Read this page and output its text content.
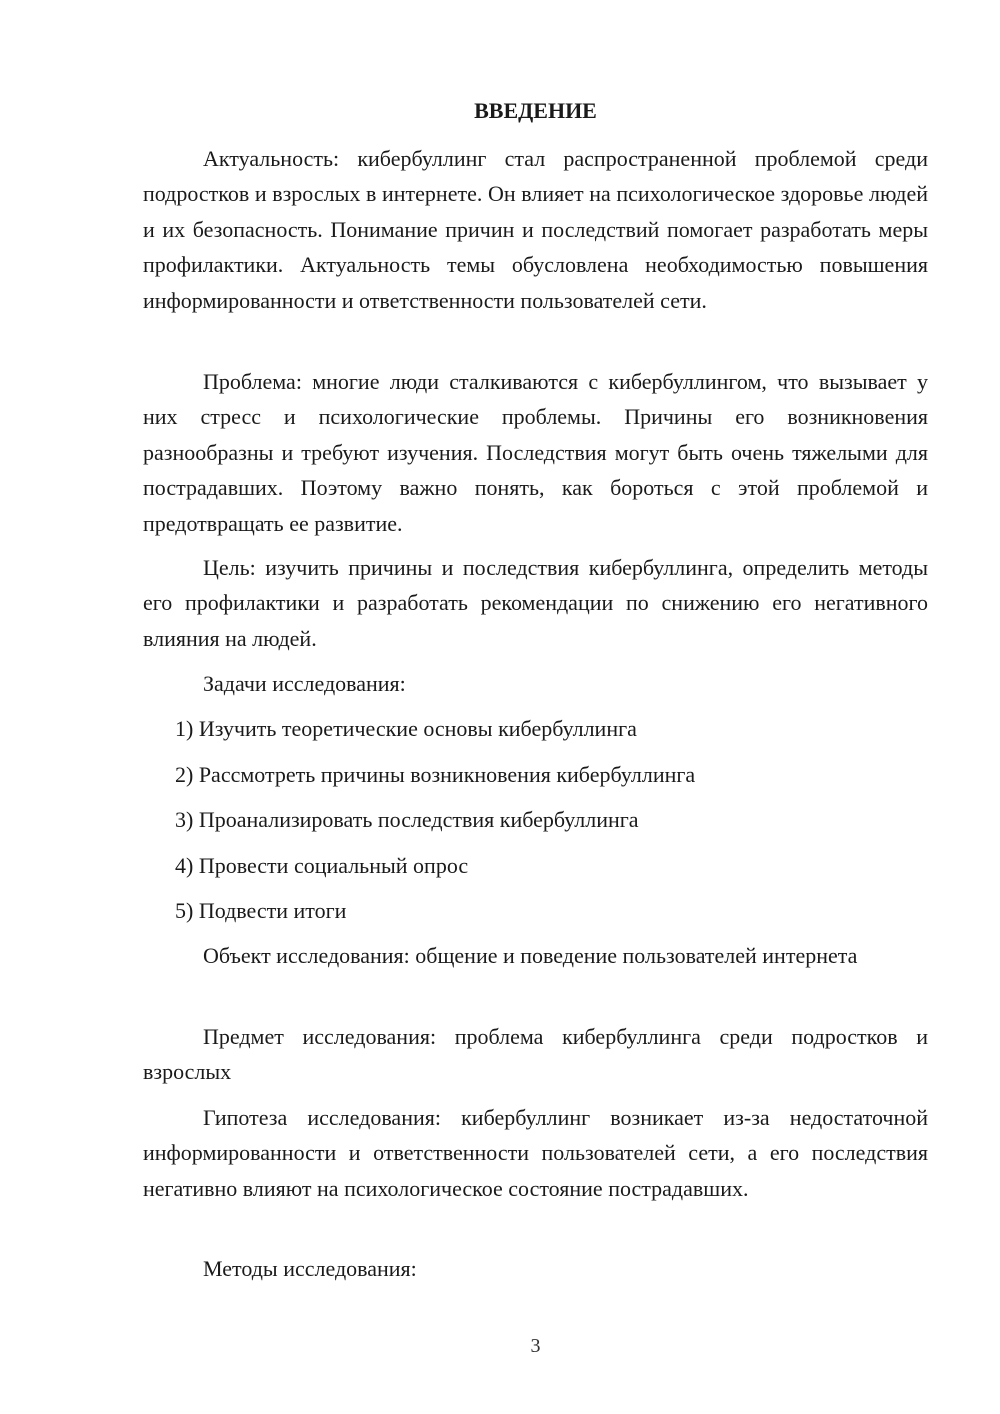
ВВЕДЕНИЕ

Актуальность: кибербуллинг стал распространенной проблемой среди подростков и взрослых в интернете. Он влияет на психологическое здоровье людей и их безопасность. Понимание причин и последствий помогает разработать меры профилактики. Актуальность темы обусловлена необходимостью повышения информированности и ответственности пользователей сети.

Проблема: многие люди сталкиваются с кибербуллингом, что вызывает у них стресс и психологические проблемы. Причины его возникновения разнообразны и требуют изучения. Последствия могут быть очень тяжелыми для пострадавших. Поэтому важно понять, как бороться с этой проблемой и предотвращать ее развитие.

Цель: изучить причины и последствия кибербуллинга, определить методы его профилактики и разработать рекомендации по снижению его негативного влияния на людей.

Задачи исследования:

1) Изучить теоретические основы кибербуллинга

2) Рассмотреть причины возникновения кибербуллинга

3) Проанализировать последствия кибербуллинга

4) Провести социальный опрос

5) Подвести итоги

Объект исследования: общение и поведение пользователей интернета

Предмет исследования: проблема кибербуллинга среди подростков и взрослых

Гипотеза исследования: кибербуллинг возникает из-за недостаточной информированности и ответственности пользователей сети, а его последствия негативно влияют на психологическое состояние пострадавших.

Методы исследования:

3
